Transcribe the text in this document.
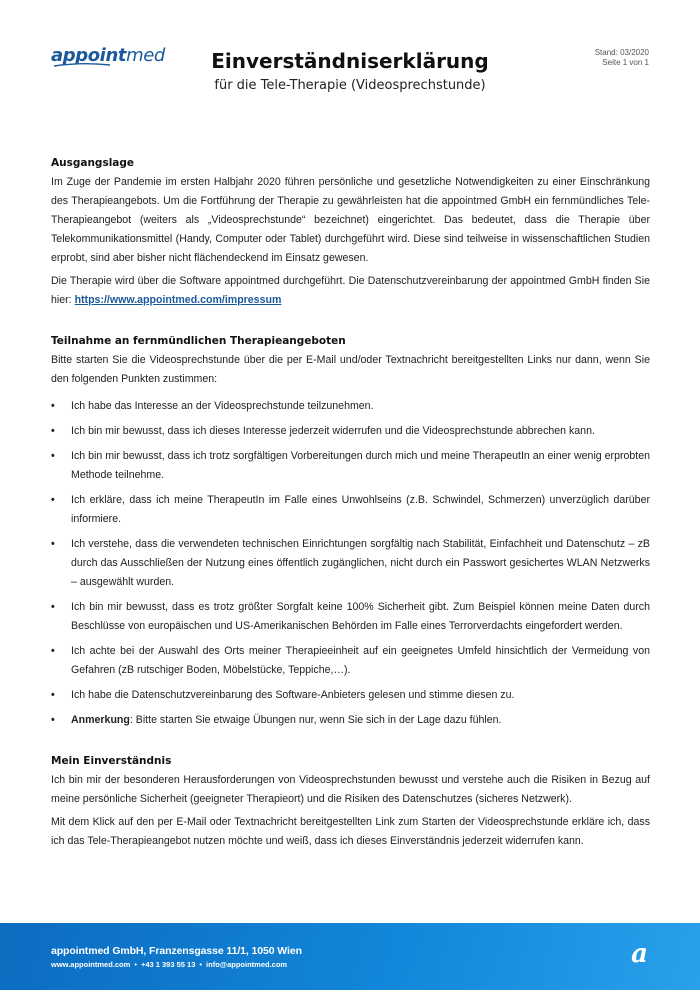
appointmed	Einverständniserklärung
für die Tele-Therapie (Videosprechstunde)
Stand: 03/2020
Seite 1 von 1
Ausgangslage

Im Zuge der Pandemie im ersten Halbjahr 2020 führen persönliche und gesetzliche Notwendigkeiten zu einer Einschränkung des Therapieangebots. Um die Fortführung der Therapie zu gewährleisten hat die appointmed GmbH ein fernmündliches Tele-Therapieangebot (weiters als „Videosprechstunde“ bezeichnet) eingerichtet. Das bedeutet, dass die Therapie über Telekommunikationsmittel (Handy, Computer oder Tablet) durchgeführt wird. Diese sind teilweise in wissenschaftlichen Studien erprobt, sind aber bisher nicht flächendeckend im Einsatz gewesen.

Die Therapie wird über die Software appointmed durchgeführt. Die Datenschutzvereinbarung der appointmed GmbH finden Sie hier: https://www.appointmed.com/impressum

Teilnahme an fernmündlichen Therapieangeboten

Bitte starten Sie die Videosprechstunde über die per E-Mail und/oder Textnachricht bereitgestellten Links nur dann, wenn Sie den folgenden Punkten zustimmen:

• Ich habe das Interesse an der Videosprechstunde teilzunehmen.
• Ich bin mir bewusst, dass ich dieses Interesse jederzeit widerrufen und die Videosprechstunde abbrechen kann.
• Ich bin mir bewusst, dass ich trotz sorgfältigen Vorbereitungen durch mich und meine TherapeutIn an einer wenig erprobten Methode teilnehme.
• Ich erkläre, dass ich meine TherapeutIn im Falle eines Unwohlseins (z.B. Schwindel, Schmerzen) unverzüglich darüber informiere.
• Ich verstehe, dass die verwendeten technischen Einrichtungen sorgfältig nach Stabilität, Einfachheit und Datenschutz – zB durch das Ausschließen der Nutzung eines öffentlich zugänglichen, nicht durch ein Passwort gesichertes WLAN Netzwerks – ausgewählt wurden.
• Ich bin mir bewusst, dass es trotz größter Sorgfalt keine 100% Sicherheit gibt. Zum Beispiel können meine Daten durch Beschlüsse von europäischen und US-Amerikanischen Behörden im Falle eines Terrorverdachts eingefordert werden.
• Ich achte bei der Auswahl des Orts meiner Therapieeinheit auf ein geeignetes Umfeld hinsichtlich der Vermeidung von Gefahren (zB rutschiger Boden, Möbelstücke, Teppiche,…).
• Ich habe die Datenschutzvereinbarung des Software-Anbieters gelesen und stimme diesen zu.
• Anmerkung: Bitte starten Sie etwaige Übungen nur, wenn Sie sich in der Lage dazu fühlen.
Mein Einverständnis

Ich bin mir der besonderen Herausforderungen von Videosprechstunden bewusst und verstehe auch die Risiken in Bezug auf meine persönliche Sicherheit (geeigneter Therapieort) und die Risiken des Datenschutzes (sicheres Netzwerk).

Mit dem Klick auf den per E-Mail oder Textnachricht bereitgestellten Link zum Starten der Videosprechstunde erkläre ich, dass ich das Tele-Therapieangebot nutzen möchte und weiß, dass ich dieses Einverständnis jederzeit widerrufen kann.

appointmed GmbH, Franzensgasse 11/1, 1050 Wien
www.appointmed.com • +43 1 393 55 13 • info@appointmed.com	a
